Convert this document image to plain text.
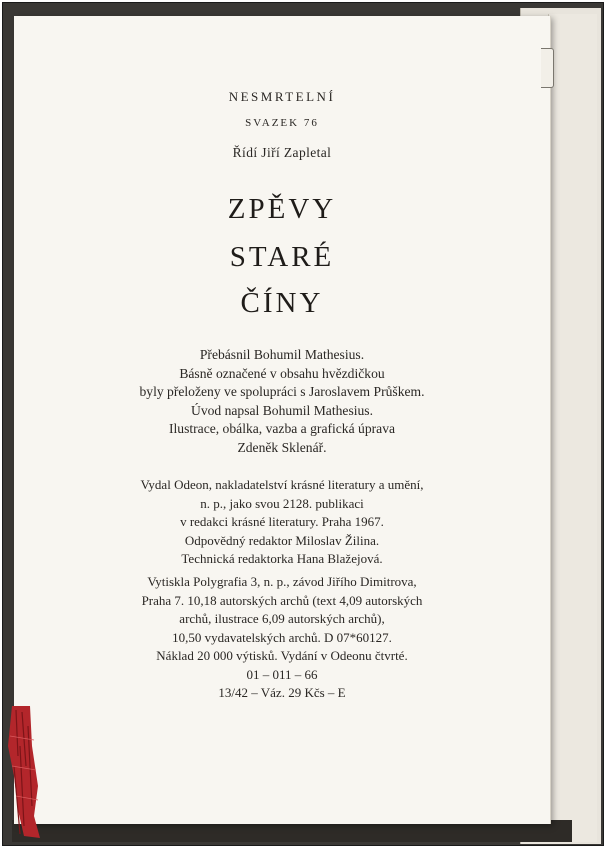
NESMRTELNÍ
SVAZEK 76
Řídí Jiří Zapletal
ZPĚVY
STARÉ
ČÍNY
Přebásnil Bohumil Mathesius.
Básně označené v obsahu hvězdičkou
byly přeloženy ve spolupráci s Jaroslavem Průškem.
Úvod napsal Bohumil Mathesius.
Ilustrace, obálka, vazba a grafická úprava
Zdeněk Sklenář.
Vydal Odeon, nakladatelství krásné literatury a umění,
n. p., jako svou 2128. publikaci
v redakci krásné literatury. Praha 1967.
Odpovědný redaktor Miloslav Žilina.
Technická redaktorka Hana Blažejová.
Vytiskla Polygrafia 3, n. p., závod Jiřího Dimitrova,
Praha 7. 10,18 autorských archů (text 4,09 autorských
archů, ilustrace 6,09 autorských archů),
10,50 vydavatelských archů. D 07*60127.
Náklad 20 000 výtisků. Vydání v Odeonu čtvrté.
01 – 011 – 66
13/42 – Váz. 29 Kčs – E
